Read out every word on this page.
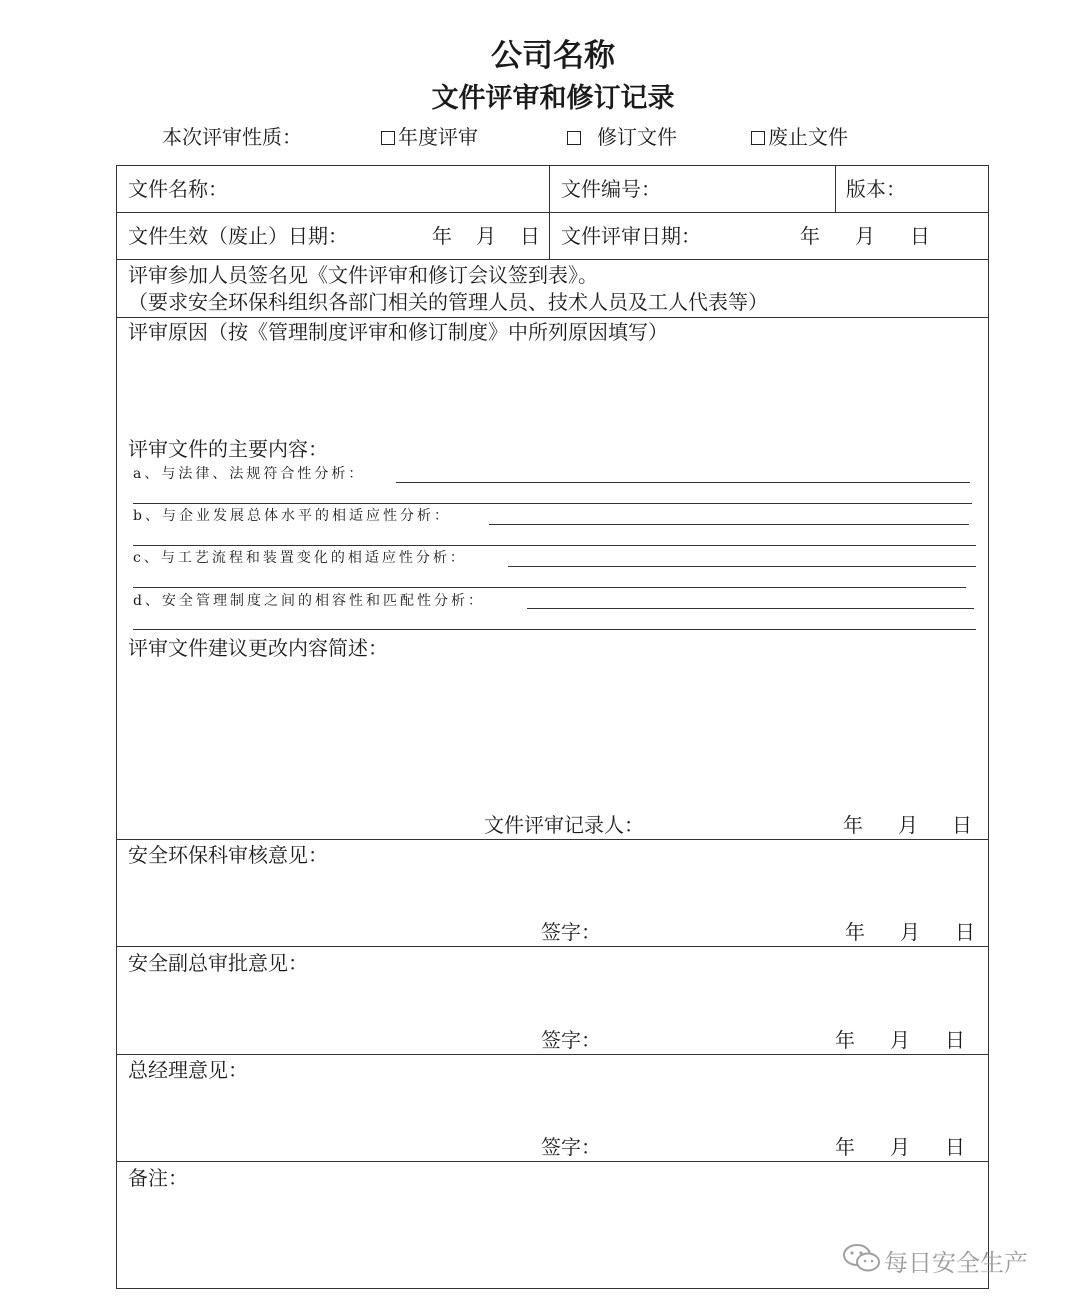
公司名称
文件评审和修订记录
本次评审性质：	年度评审	修订文件	废止文件
文件名称：	文件编号：	版本：
文件生效（废止）日期：	年 月 日 文件评审日期：	年 月 日
评审参加人员签名见《文件评审和修订会议签到表》。
（要求安全环保科组织各部门相关的管理人员、技术人员及工人代表等）
评审原因（按《管理制度评审和修订制度》中所列原因填写）
评审文件的主要内容：
a、与法律、法规符合性分析：
b、与企业发展总体水平的相适应性分析：
c、与工艺流程和装置变化的相适应性分析：
d、安全管理制度之间的相容性和匹配性分析：
评审文件建议更改内容简述：
文件评审记录人：	年 月 日
安全环保科审核意见：
签字：	年 月 日
安全副总审批意见：
签字：	年 月 日
总经理意见：
签字：	年 月 日
备注：
每日安全生产
